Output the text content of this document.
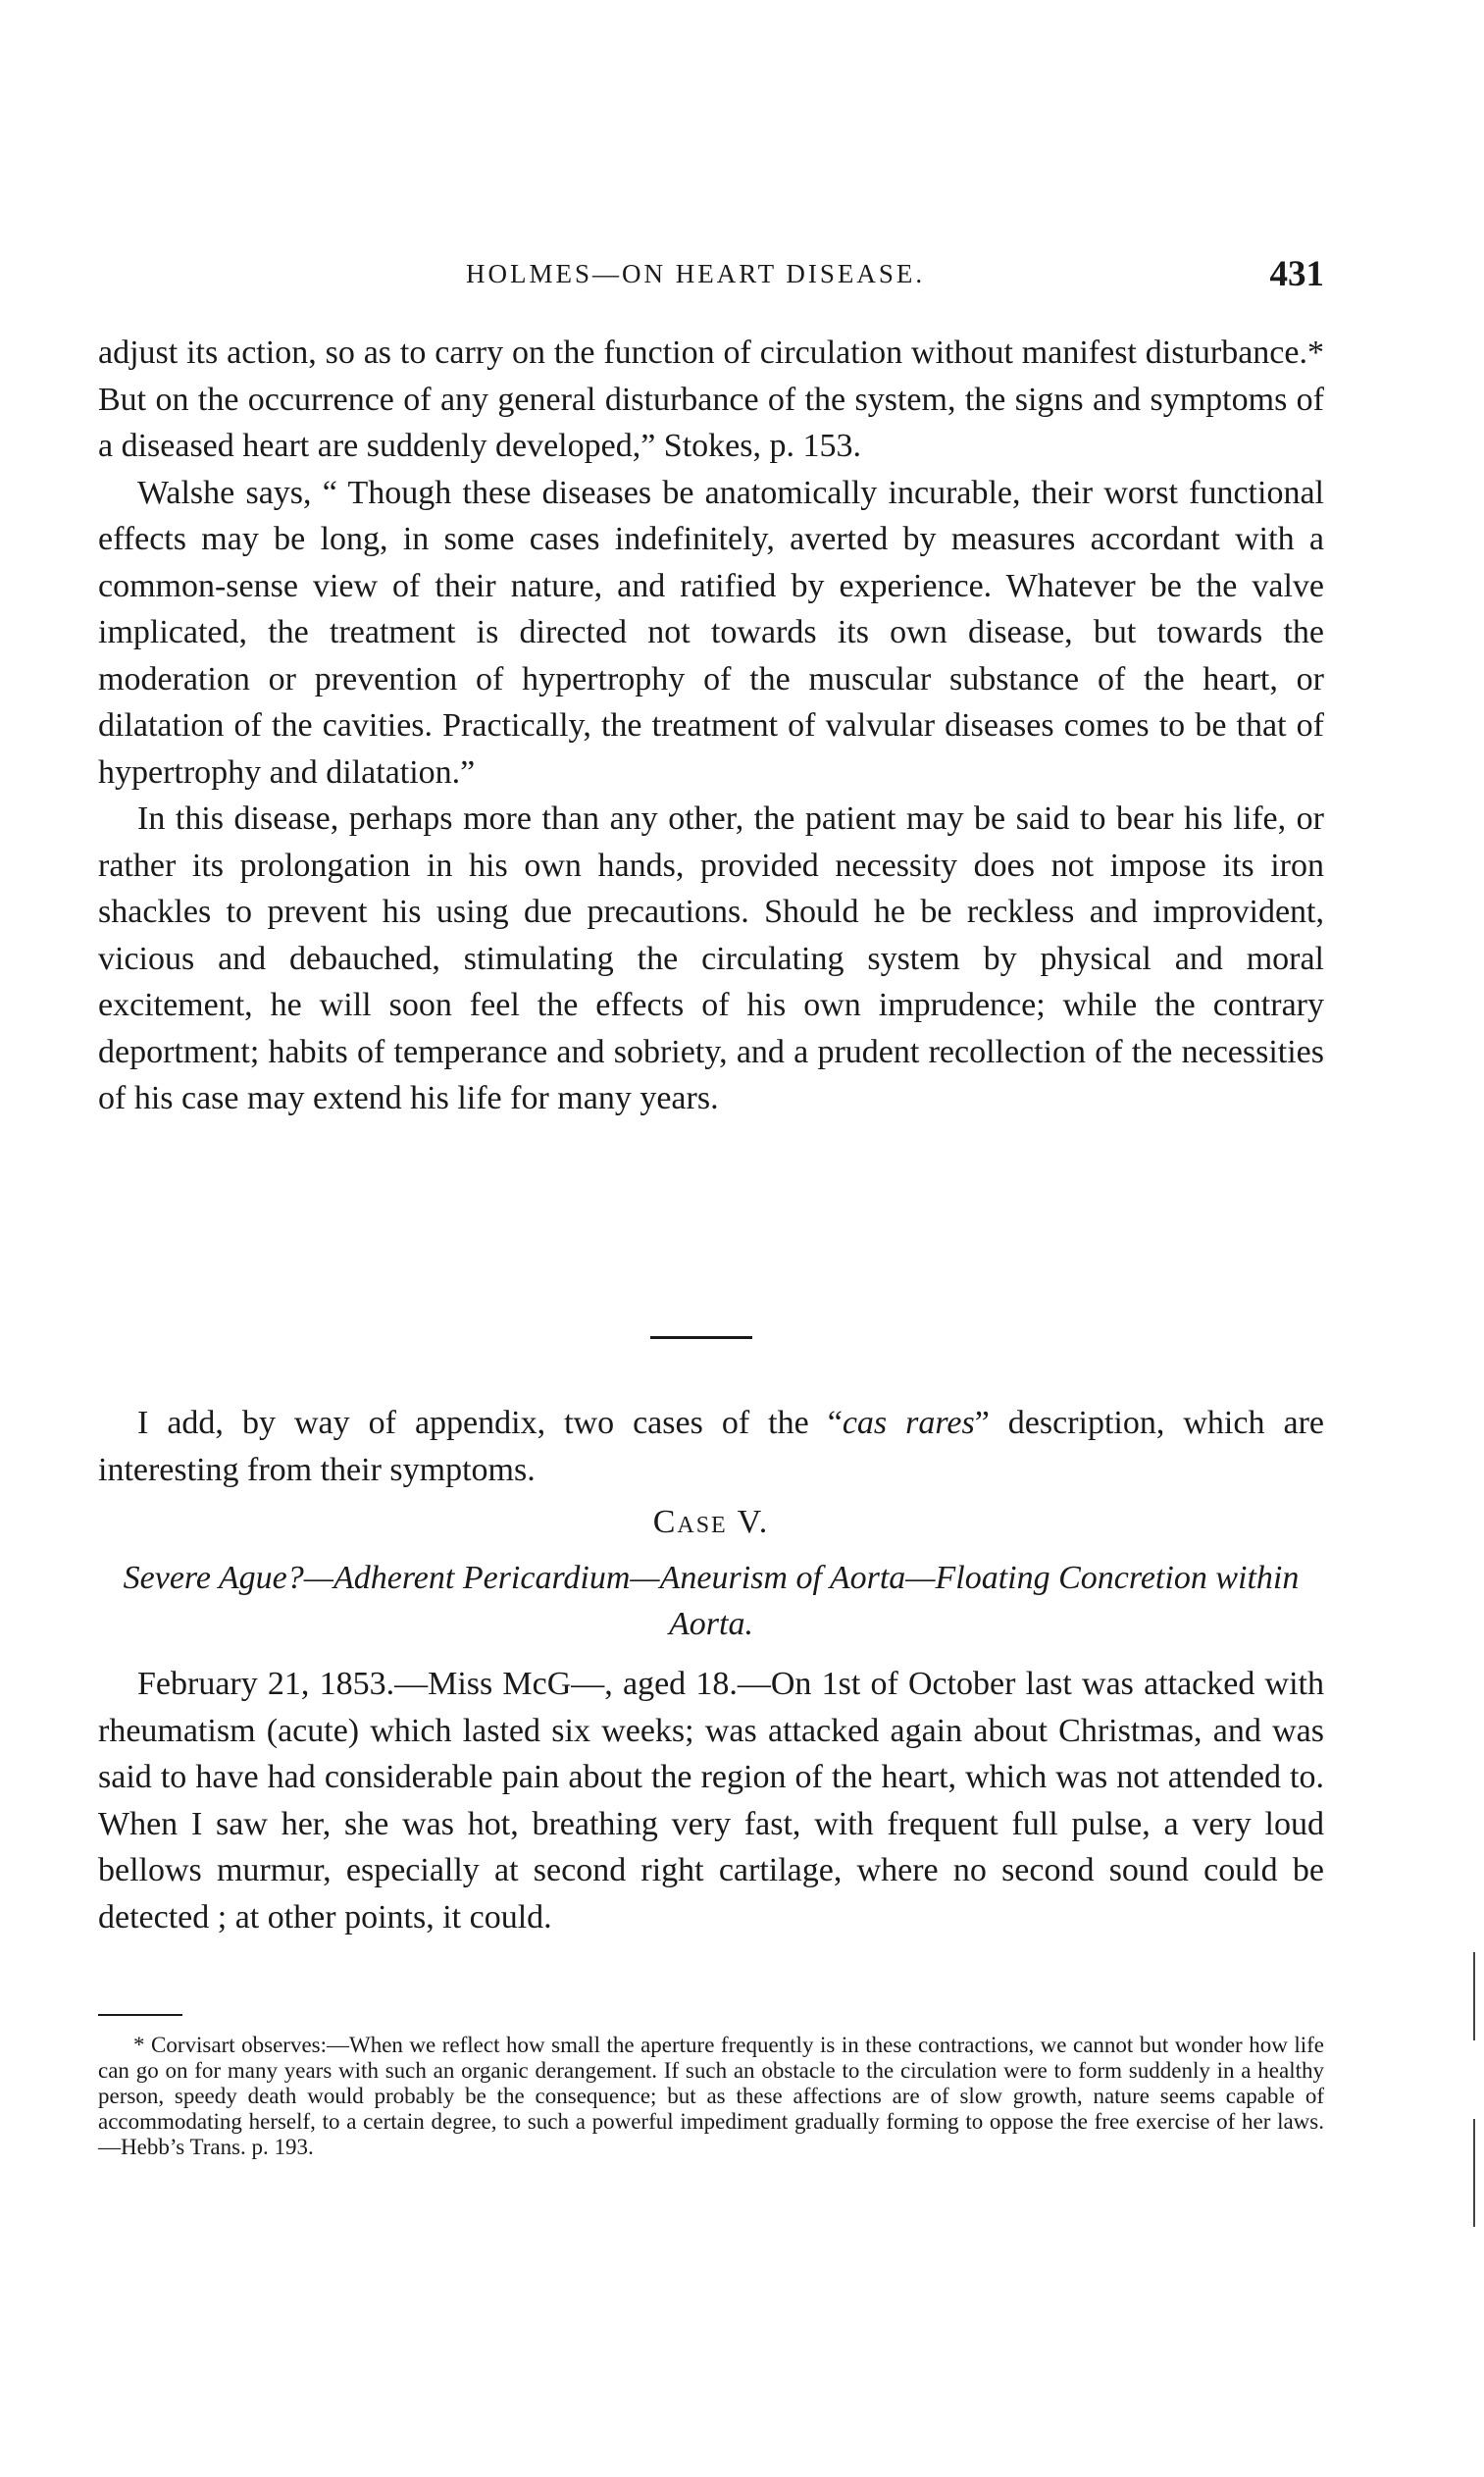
HOLMES—ON HEART DISEASE.	431

adjust its action, so as to carry on the function of circulation without manifest disturbance.* But on the occurrence of any general disturbance of the system, the signs and symptoms of a diseased heart are suddenly developed,” Stokes, p. 153.

Walshe says, “ Though these diseases be anatomically incurable, their worst functional effects may be long, in some cases indefinitely, averted by measures accordant with a common-sense view of their nature, and ratified by experience. Whatever be the valve implicated, the treatment is directed not towards its own disease, but towards the moderation or prevention of hypertrophy of the muscular substance of the heart, or dilatation of the cavities. Practically, the treatment of valvular diseases comes to be that of hypertrophy and dilatation.”

In this disease, perhaps more than any other, the patient may be said to bear his life, or rather its prolongation in his own hands, provided necessity does not impose its iron shackles to prevent his using due precautions. Should he be reckless and improvident, vicious and debauched, stimulating the circulating system by physical and moral excitement, he will soon feel the effects of his own imprudence; while the contrary deportment; habits of temperance and sobriety, and a prudent recollection of the necessities of his case may extend his life for many years.

I add, by way of appendix, two cases of the “cas rares” description, which are interesting from their symptoms.

Case V.
Severe Ague?—Adherent Pericardium—Aneurism of Aorta—Floating Concretion within Aorta.

February 21, 1853.—Miss McG—, aged 18.—On 1st of October last was attacked with rheumatism (acute) which lasted six weeks; was attacked again about Christmas, and was said to have had considerable pain about the region of the heart, which was not attended to. When I saw her, she was hot, breathing very fast, with frequent full pulse, a very loud bellows murmur, especially at second right cartilage, where no second sound could be detected ; at other points, it could.

* Corvisart observes:—When we reflect how small the aperture frequently is in these contractions, we cannot but wonder how life can go on for many years with such an organic derangement. If such an obstacle to the circulation were to form suddenly in a healthy person, speedy death would probably be the consequence; but as these affections are of slow growth, nature seems capable of accommodating herself, to a certain degree, to such a powerful impediment gradually forming to oppose the free exercise of her laws.—Hebb’s Trans. p. 193.
